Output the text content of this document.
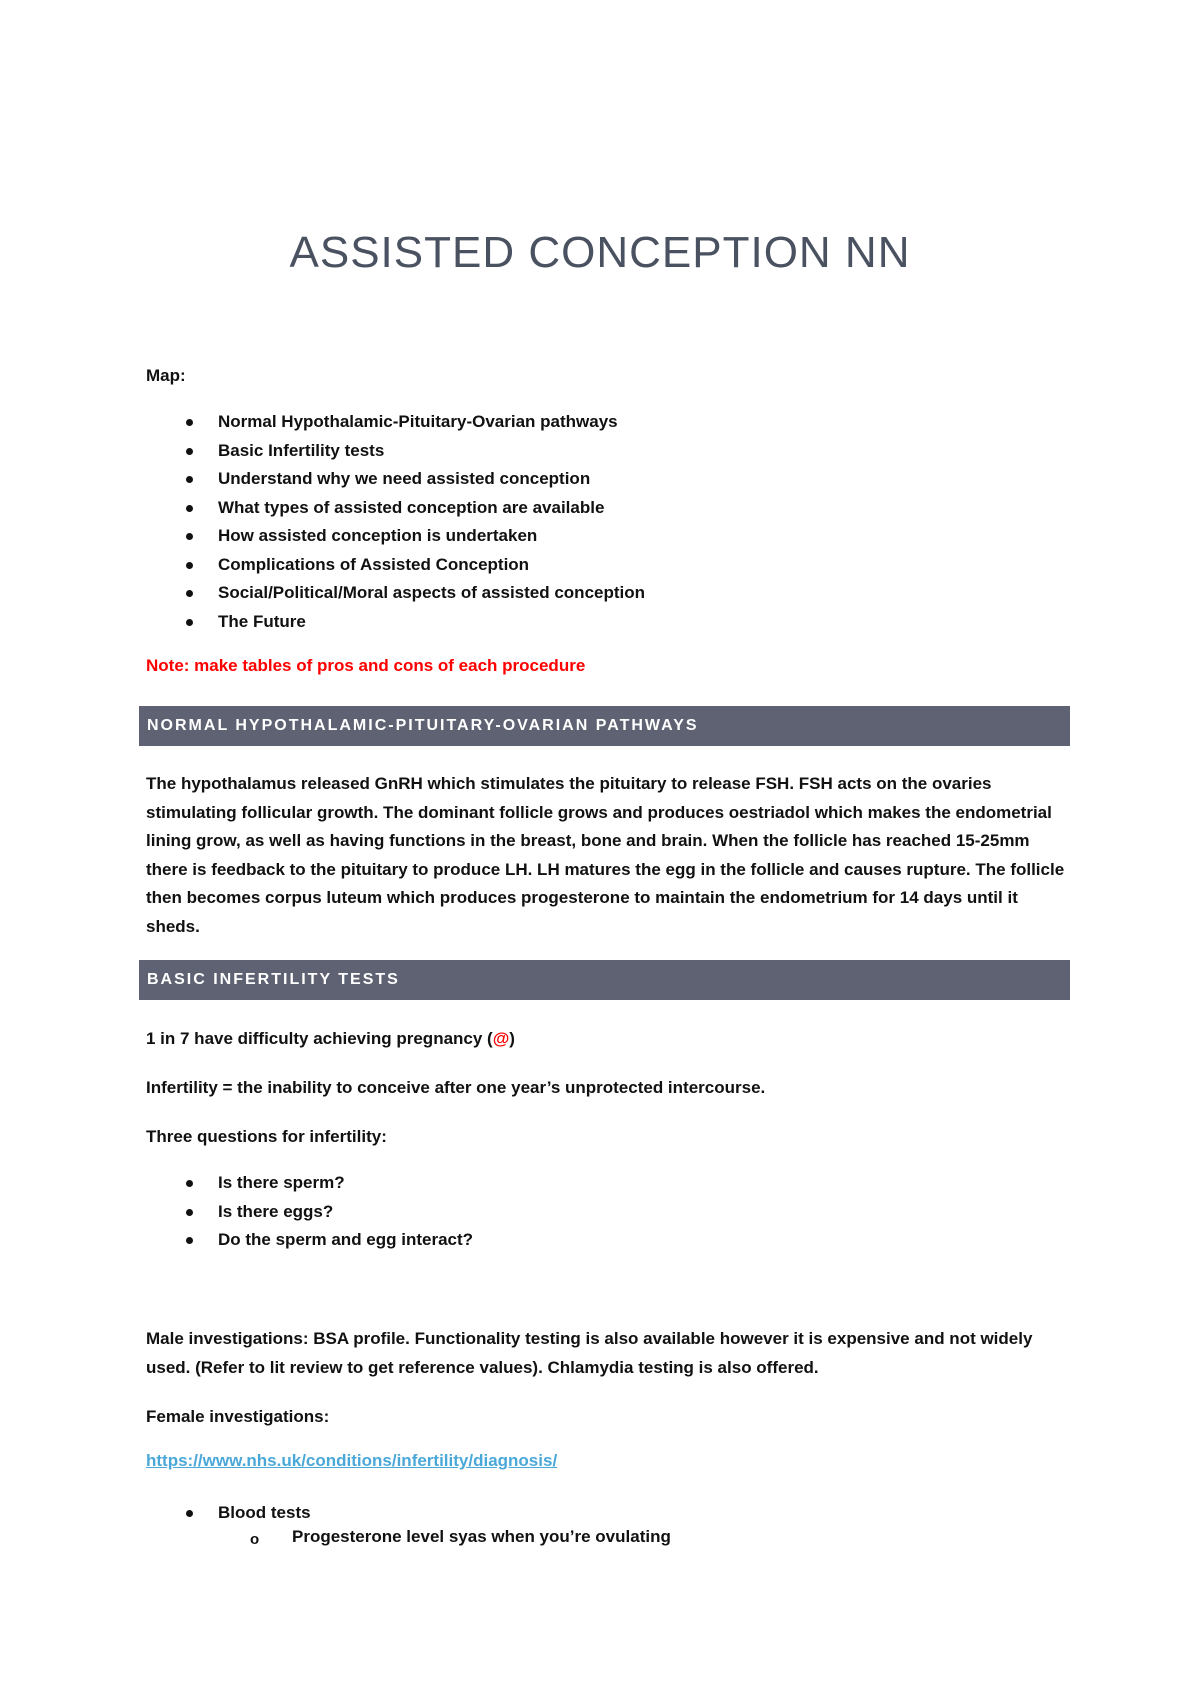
ASSISTED CONCEPTION NN
Map:
Normal Hypothalamic-Pituitary-Ovarian pathways
Basic Infertility tests
Understand why we need assisted conception
What types of assisted conception are available
How assisted conception is undertaken
Complications of Assisted Conception
Social/Political/Moral aspects of assisted conception
The Future
Note: make tables of pros and cons of each procedure
NORMAL HYPOTHALAMIC-PITUITARY-OVARIAN PATHWAYS
The hypothalamus released GnRH which stimulates the pituitary to release FSH. FSH acts on the ovaries stimulating follicular growth. The dominant follicle grows and produces oestriadol which makes the endometrial lining grow, as well as having functions in the breast, bone and brain. When the follicle has reached 15-25mm there is feedback to the pituitary to produce LH. LH matures the egg in the follicle and causes rupture. The follicle then becomes corpus luteum which produces progesterone to maintain the endometrium for 14 days until it sheds.
BASIC INFERTILITY TESTS
1 in 7 have difficulty achieving pregnancy (@)
Infertility = the inability to conceive after one year’s unprotected intercourse.
Three questions for infertility:
Is there sperm?
Is there eggs?
Do the sperm and egg interact?
Male investigations: BSA profile. Functionality testing is also available however it is expensive and not widely used. (Refer to lit review to get reference values). Chlamydia testing is also offered.
Female investigations:
https://www.nhs.uk/conditions/infertility/diagnosis/
Blood tests
o Progesterone level syas when you’re ovulating
